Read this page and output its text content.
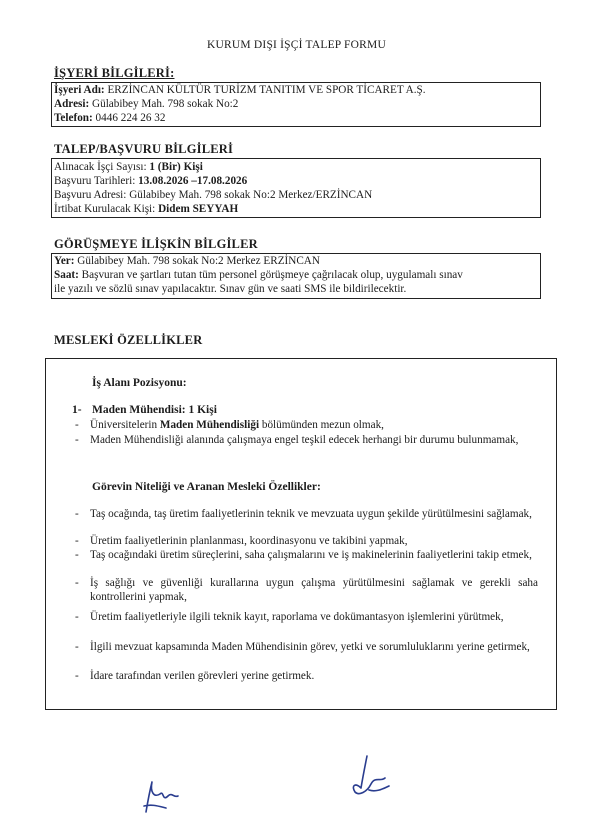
KURUM DIŞI İŞÇİ TALEP FORMU
İŞYERİ BİLGİLERİ:
İşyeri Adı: ERZİNCAN KÜLTÜR TURİZM TANITIM VE SPOR TİCARET A.Ş.
Adresi: Gülabibey Mah. 798 sokak No:2
Telefon: 0446 224 26 32
TALEP/BAŞVURU BİLGİLERİ
Alınacak İşçi Sayısı: 1 (Bir) Kişi
Başvuru Tarihleri: 13.08.2026 –17.08.2026
Başvuru Adresi: Gülabibey Mah. 798 sokak No:2 Merkez/ERZİNCAN
İrtibat Kurulacak Kişi: Didem SEYYAH
GÖRÜŞMEYE İLİŞKİN BİLGİLER
Yer: Gülabibey Mah. 798 sokak No:2 Merkez ERZİNCAN
Saat: Başvuran ve şartları tutan tüm personel görüşmeye çağrılacak olup, uygulamalı sınav
ile yazılı ve sözlü sınav yapılacaktır. Sınav gün ve saati SMS ile bildirilecektir.
MESLEKİ ÖZELLİKLER
İş Alanı Pozisyonu:
1- Maden Mühendisi: 1 Kişi
- Üniversitelerin Maden Mühendisliği bölümünden mezun olmak,
- Maden Mühendisliği alanında çalışmaya engel teşkil edecek herhangi bir durumu bulunmamak,
Görevin Niteliği ve Aranan Mesleki Özellikler:
- Taş ocağında, taş üretim faaliyetlerinin teknik ve mevzuata uygun şekilde yürütülmesini sağlamak,
- Üretim faaliyetlerinin planlanması, koordinasyonu ve takibini yapmak,
- Taş ocağındaki üretim süreçlerini, saha çalışmalarını ve iş makinelerinin faaliyetlerini takip etmek,
- İş sağlığı ve güvenliği kurallarına uygun çalışma yürütülmesini sağlamak ve gerekli saha kontrollerini yapmak,
- Üretim faaliyetleriyle ilgili teknik kayıt, raporlama ve dokümantasyon işlemlerini yürütmek,
- İlgili mevzuat kapsamında Maden Mühendisinin görev, yetki ve sorumluluklarını yerine getirmek,
- İdare tarafından verilen görevleri yerine getirmek.
